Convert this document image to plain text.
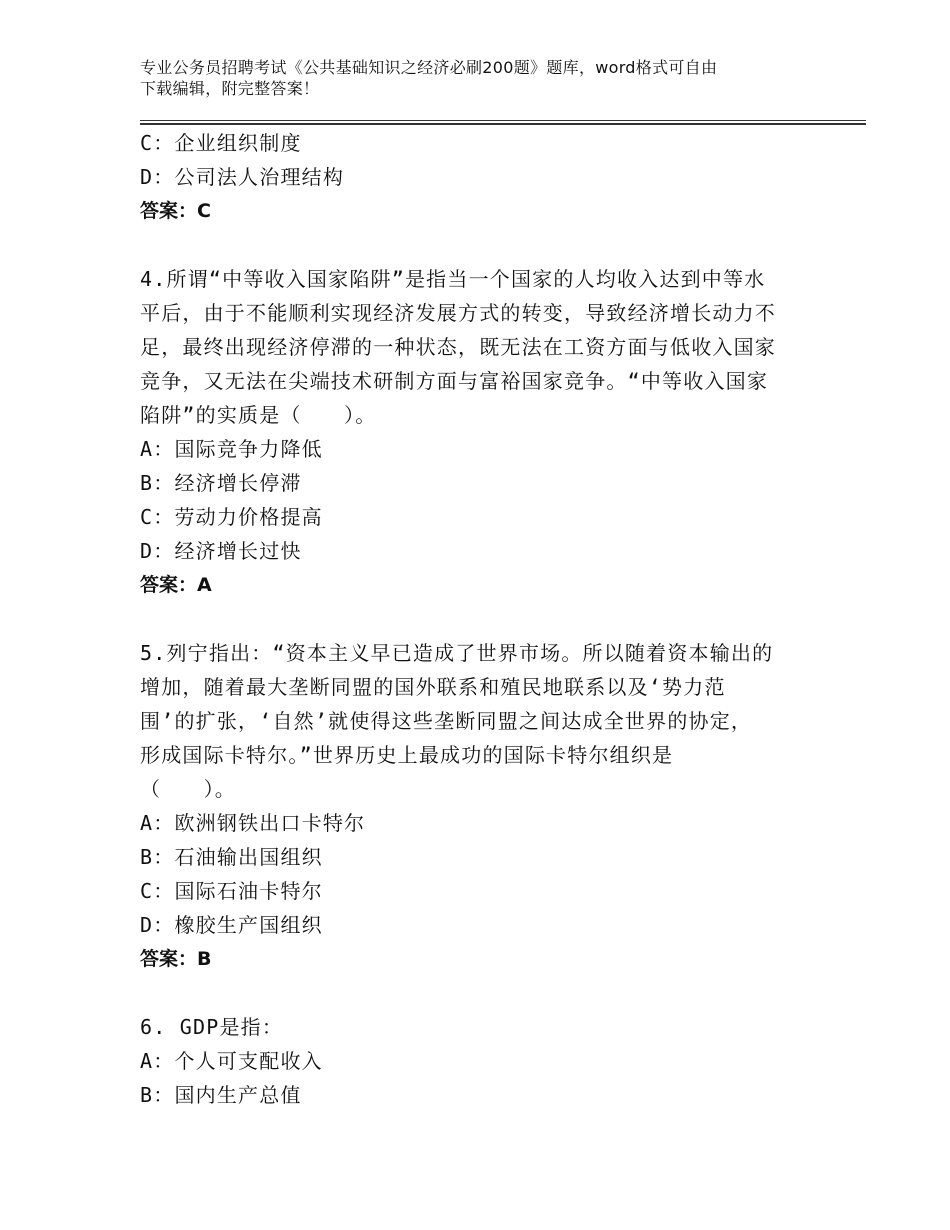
专业公务员招聘考试《公共基础知识之经济必刷200题》题库，word格式可自由
下载编辑，附完整答案！
C：企业组织制度
D：公司法人治理结构
答案：C
4.所谓“中等收入国家陷阱”是指当一个国家的人均收入达到中等水
平后，由于不能顺利实现经济发展方式的转变，导致经济增长动力不
足，最终出现经济停滞的一种状态，既无法在工资方面与低收入国家
竞争，又无法在尖端技术研制方面与富裕国家竞争。“中等收入国家
陷阱”的实质是（　　）。
A：国际竞争力降低
B：经济增长停滞
C：劳动力价格提高
D：经济增长过快
答案：A
5.列宁指出：“资本主义早已造成了世界市场。所以随着资本输出的
增加，随着最大垄断同盟的国外联系和殖民地联系以及‘势力范
围’的扩张，‘自然’就使得这些垄断同盟之间达成全世界的协定，
形成国际卡特尔。”世界历史上最成功的国际卡特尔组织是
（　　）。
A：欧洲钢铁出口卡特尔
B：石油输出国组织
C：国际石油卡特尔
D：橡胶生产国组织
答案：B
6. GDP是指：
A：个人可支配收入
B：国内生产总值
